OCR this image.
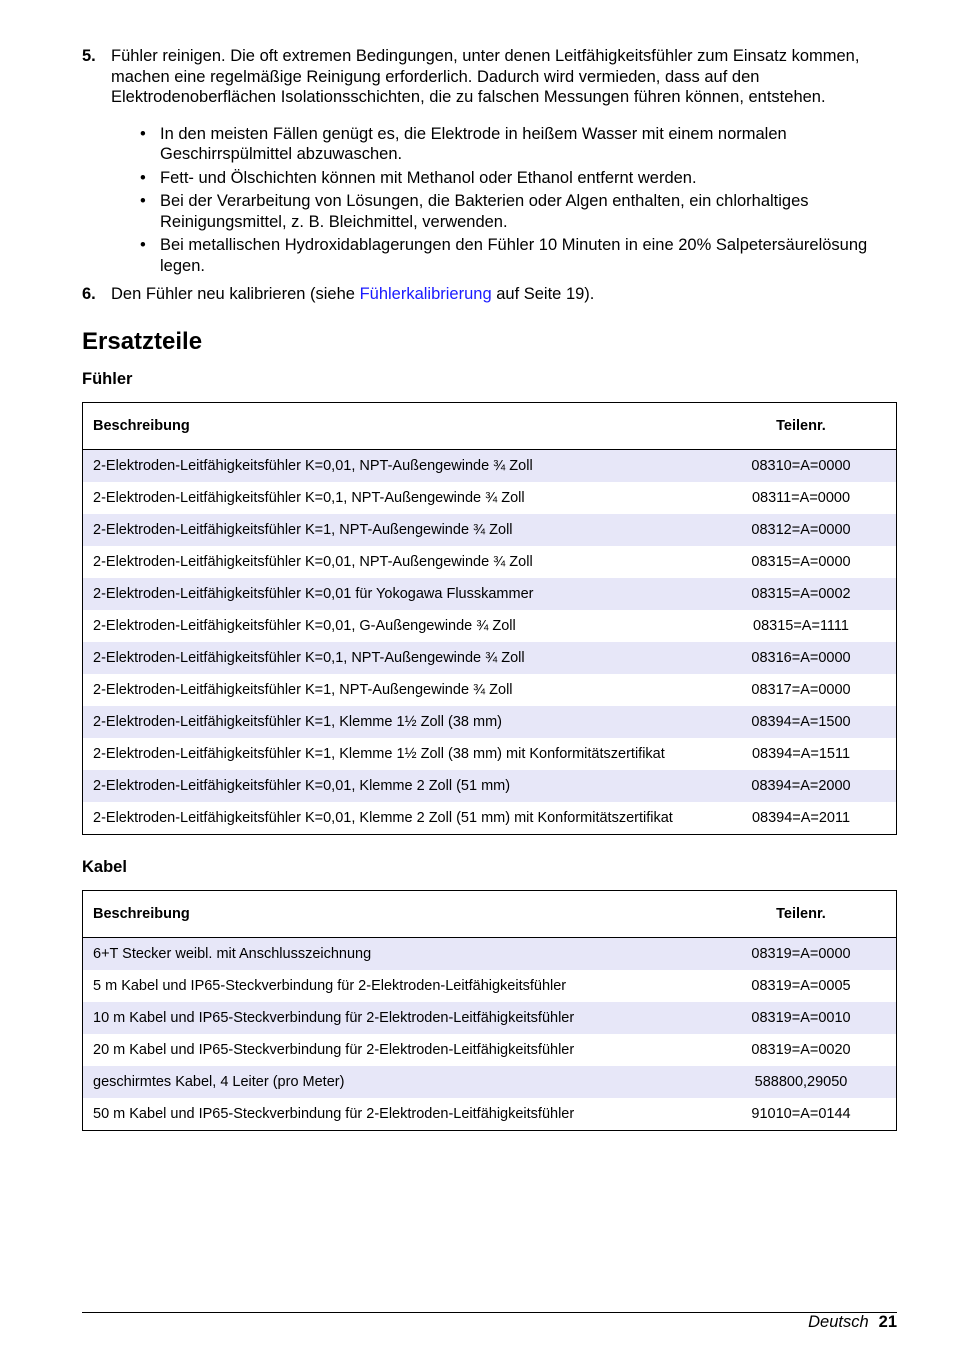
5. Fühler reinigen. Die oft extremen Bedingungen, unter denen Leitfähigkeitsfühler zum Einsatz kommen, machen eine regelmäßige Reinigung erforderlich. Dadurch wird vermieden, dass auf den Elektrodenoberflächen Isolationsschichten, die zu falschen Messungen führen können, entstehen.
• In den meisten Fällen genügt es, die Elektrode in heißem Wasser mit einem normalen Geschirrspülmittel abzuwaschen.
• Fett- und Ölschichten können mit Methanol oder Ethanol entfernt werden.
• Bei der Verarbeitung von Lösungen, die Bakterien oder Algen enthalten, ein chlorhaltiges Reinigungsmittel, z. B. Bleichmittel, verwenden.
• Bei metallischen Hydroxidablagerungen den Fühler 10 Minuten in eine 20% Salpetersäurelösung legen.
6. Den Fühler neu kalibrieren (siehe Fühlerkalibrierung auf Seite 19).
Ersatzteile
Fühler
Beschreibung	Teilenr.
2-Elektroden-Leitfähigkeitsfühler K=0,01, NPT-Außengewinde ¾ Zoll	08310=A=0000
2-Elektroden-Leitfähigkeitsfühler K=0,1, NPT-Außengewinde ¾ Zoll	08311=A=0000
2-Elektroden-Leitfähigkeitsfühler K=1, NPT-Außengewinde ¾ Zoll	08312=A=0000
2-Elektroden-Leitfähigkeitsfühler K=0,01, NPT-Außengewinde ¾ Zoll	08315=A=0000
2-Elektroden-Leitfähigkeitsfühler K=0,01 für Yokogawa Flusskammer	08315=A=0002
2-Elektroden-Leitfähigkeitsfühler K=0,01, G-Außengewinde ¾ Zoll	08315=A=1111
2-Elektroden-Leitfähigkeitsfühler K=0,1, NPT-Außengewinde ¾ Zoll	08316=A=0000
2-Elektroden-Leitfähigkeitsfühler K=1, NPT-Außengewinde ¾ Zoll	08317=A=0000
2-Elektroden-Leitfähigkeitsfühler K=1, Klemme 1½ Zoll (38 mm)	08394=A=1500
2-Elektroden-Leitfähigkeitsfühler K=1, Klemme 1½ Zoll (38 mm) mit Konformitätszertifikat	08394=A=1511
2-Elektroden-Leitfähigkeitsfühler K=0,01, Klemme 2 Zoll (51 mm)	08394=A=2000
2-Elektroden-Leitfähigkeitsfühler K=0,01, Klemme 2 Zoll (51 mm) mit Konformitätszertifikat	08394=A=2011
Kabel
Beschreibung	Teilenr.
6+T Stecker weibl. mit Anschlusszeichnung	08319=A=0000
5 m Kabel und IP65-Steckverbindung für 2-Elektroden-Leitfähigkeitsfühler	08319=A=0005
10 m Kabel und IP65-Steckverbindung für 2-Elektroden-Leitfähigkeitsfühler	08319=A=0010
20 m Kabel und IP65-Steckverbindung für 2-Elektroden-Leitfähigkeitsfühler	08319=A=0020
geschirmtes Kabel, 4 Leiter (pro Meter)	588800,29050
50 m Kabel und IP65-Steckverbindung für 2-Elektroden-Leitfähigkeitsfühler	91010=A=0144
Deutsch 21
